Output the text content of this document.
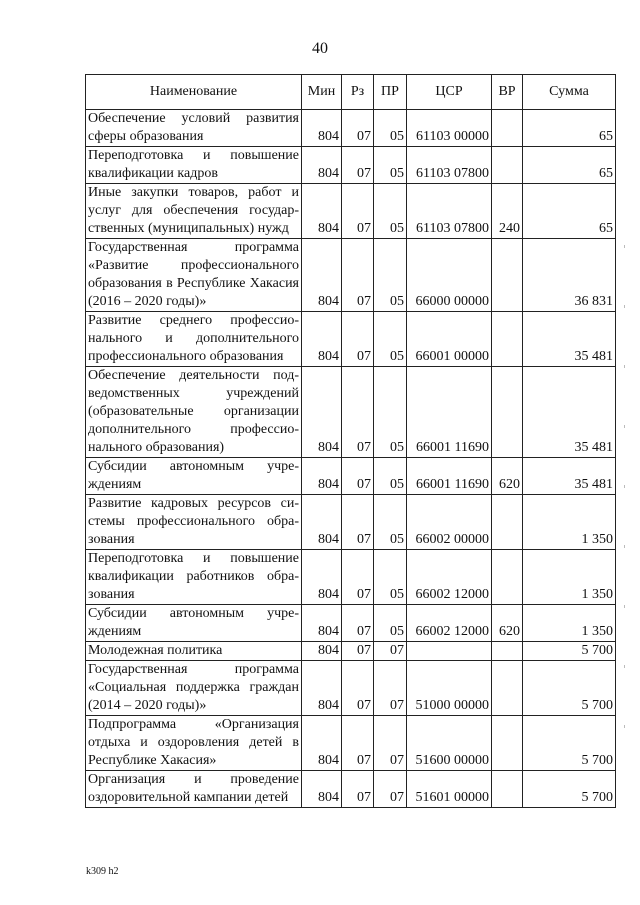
40
Наименование	Мин	Рз	ПР	ЦСР	ВР	Сумма
Обеспечение условий развития сферы образования	804	07	05	61103 00000		65
Переподготовка и повышение квалификации кадров	804	07	05	61103 07800		65
Иные закупки товаров, работ и услуг для обеспечения государственных (муниципальных) нужд	804	07	05	61103 07800	240	65
Государственная программа «Развитие профессионального образования в Республике Хакасия (2016 – 2020 годы)»	804	07	05	66000 00000		36 831
Развитие среднего профессионального и дополнительного профессионального образования	804	07	05	66001 00000		35 481
Обеспечение деятельности подведомственных учреждений (образовательные организации дополнительного профессионального образования)	804	07	05	66001 11690		35 481
Субсидии автономным учреждениям	804	07	05	66001 11690	620	35 481
Развитие кадровых ресурсов системы профессионального образования	804	07	05	66002 00000		1 350
Переподготовка и повышение квалификации работников образования	804	07	05	66002 12000		1 350
Субсидии автономным учреждениям	804	07	05	66002 12000	620	1 350
Молодежная политика	804	07	07			5 700
Государственная программа «Социальная поддержка граждан (2014 – 2020 годы)»	804	07	07	51000 00000		5 700
Подпрограмма «Организация отдыха и оздоровления детей в Республике Хакасия»	804	07	07	51600 00000		5 700
Организация и проведение оздоровительной кампании детей	804	07	07	51601 00000		5 700
k309 h2
